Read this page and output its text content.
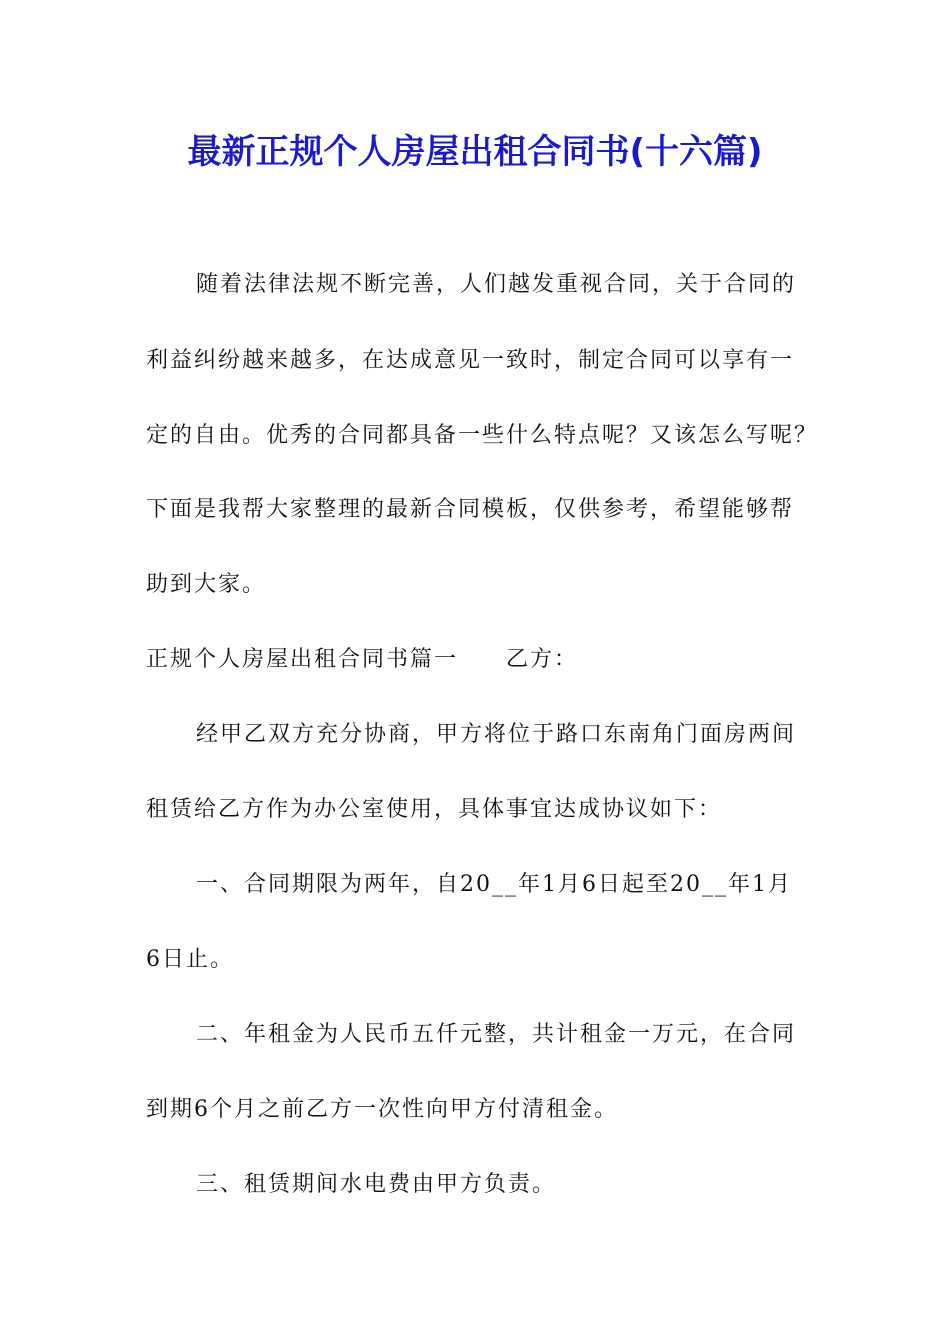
最新正规个人房屋出租合同书(十六篇)

随着法律法规不断完善，人们越发重视合同，关于合同的

利益纠纷越来越多，在达成意见一致时，制定合同可以享有一

定的自由。优秀的合同都具备一些什么特点呢？又该怎么写呢？

下面是我帮大家整理的最新合同模板，仅供参考，希望能够帮

助到大家。

正规个人房屋出租合同书篇一　　乙方：

经甲乙双方充分协商，甲方将位于路口东南角门面房两间

租赁给乙方作为办公室使用，具体事宜达成协议如下：

一、合同期限为两年，自20__年1月6日起至20__年1月

6日止。

二、年租金为人民币五仟元整，共计租金一万元，在合同

到期6个月之前乙方一次性向甲方付清租金。

三、租赁期间水电费由甲方负责。
